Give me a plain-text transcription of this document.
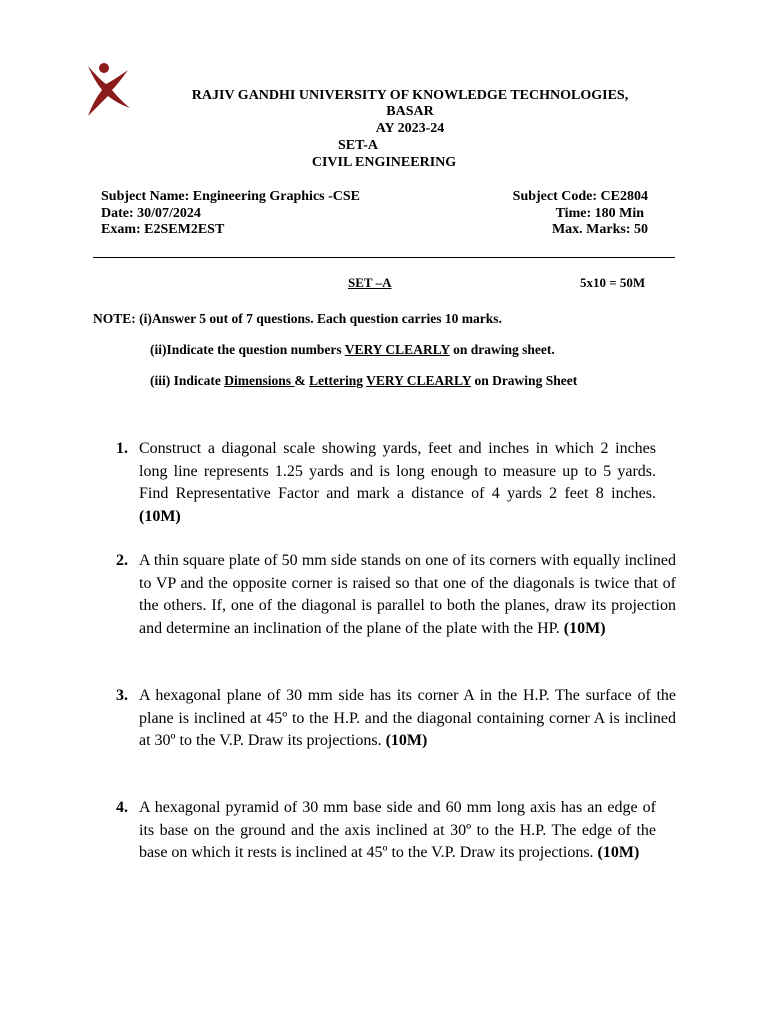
RAJIV GANDHI UNIVERSITY OF KNOWLEDGE TECHNOLOGIES,
BASAR
AY 2023-24
SET-A
CIVIL ENGINEERING
Subject Name: Engineering Graphics -CSE
Date: 30/07/2024
Exam: E2SEM2EST
Subject Code: CE2804
Time: 180 Min
Max. Marks: 50
SET –A	5x10 = 50M
NOTE: (i)Answer 5 out of 7 questions. Each question carries 10 marks.
(ii)Indicate the question numbers VERY CLEARLY on drawing sheet.
(iii) Indicate Dimensions & Lettering VERY CLEARLY on Drawing Sheet
1. Construct a diagonal scale showing yards, feet and inches in which 2 inches long line represents 1.25 yards and is long enough to measure up to 5 yards. Find Representative Factor and mark a distance of 4 yards 2 feet 8 inches. (10M)
2. A thin square plate of 50 mm side stands on one of its corners with equally inclined to VP and the opposite corner is raised so that one of the diagonals is twice that of the others. If, one of the diagonal is parallel to both the planes, draw its projection and determine an inclination of the plane of the plate with the HP. (10M)
3. A hexagonal plane of 30 mm side has its corner A in the H.P. The surface of the plane is inclined at 45º to the H.P. and the diagonal containing corner A is inclined at 30º to the V.P. Draw its projections. (10M)
4. A hexagonal pyramid of 30 mm base side and 60 mm long axis has an edge of its base on the ground and the axis inclined at 30º to the H.P. The edge of the base on which it rests is inclined at 45º to the V.P. Draw its projections. (10M)
